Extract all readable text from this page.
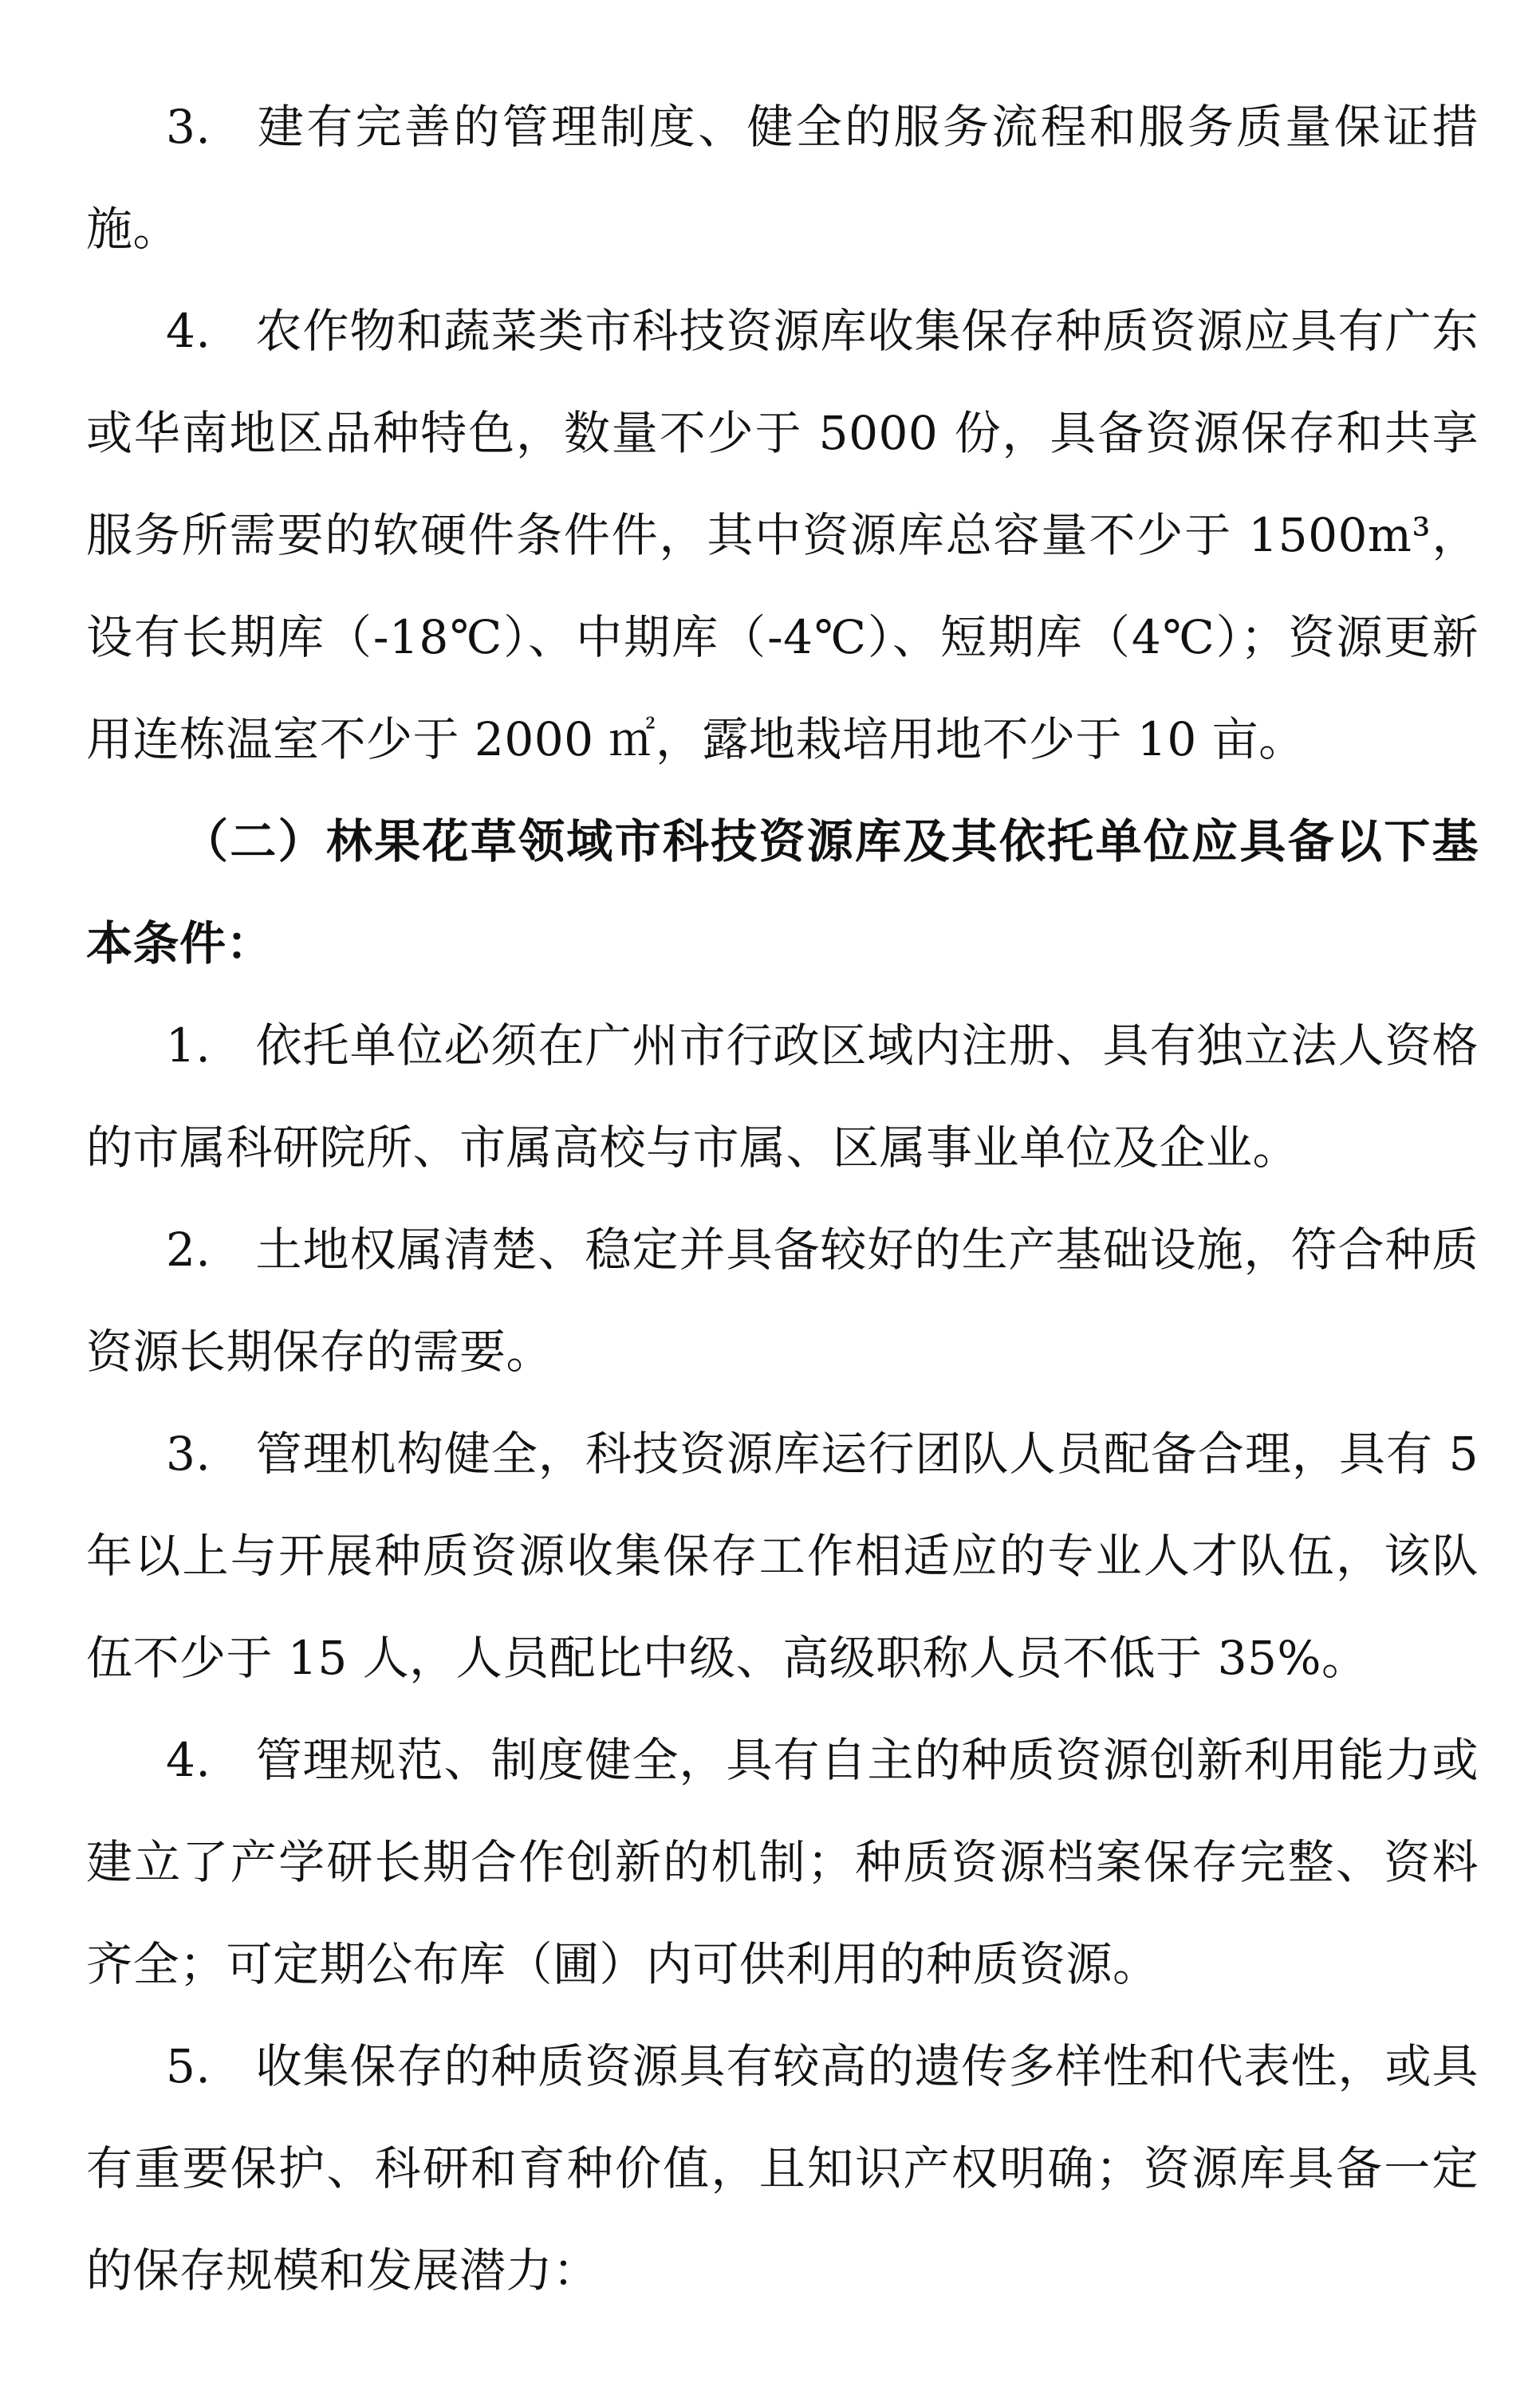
3. 建有完善的管理制度、健全的服务流程和服务质量保证措施。

4. 农作物和蔬菜类市科技资源库收集保存种质资源应具有广东或华南地区品种特色，数量不少于 5000 份，具备资源保存和共享服务所需要的软硬件条件件，其中资源库总容量不少于 1500m³，设有长期库（-18℃）、中期库（-4℃）、短期库（4℃）；资源更新用连栋温室不少于 2000 ㎡，露地栽培用地不少于 10 亩。

（二）林果花草领域市科技资源库及其依托单位应具备以下基本条件：

1. 依托单位必须在广州市行政区域内注册、具有独立法人资格的市属科研院所、市属高校与市属、区属事业单位及企业。

2. 土地权属清楚、稳定并具备较好的生产基础设施，符合种质资源长期保存的需要。

3. 管理机构健全，科技资源库运行团队人员配备合理，具有 5 年以上与开展种质资源收集保存工作相适应的专业人才队伍，该队伍不少于 15 人，人员配比中级、高级职称人员不低于 35%。

4. 管理规范、制度健全，具有自主的种质资源创新利用能力或建立了产学研长期合作创新的机制；种质资源档案保存完整、资料齐全；可定期公布库（圃）内可供利用的种质资源。

5. 收集保存的种质资源具有较高的遗传多样性和代表性，或具有重要保护、科研和育种价值，且知识产权明确；资源库具备一定的保存规模和发展潜力：
